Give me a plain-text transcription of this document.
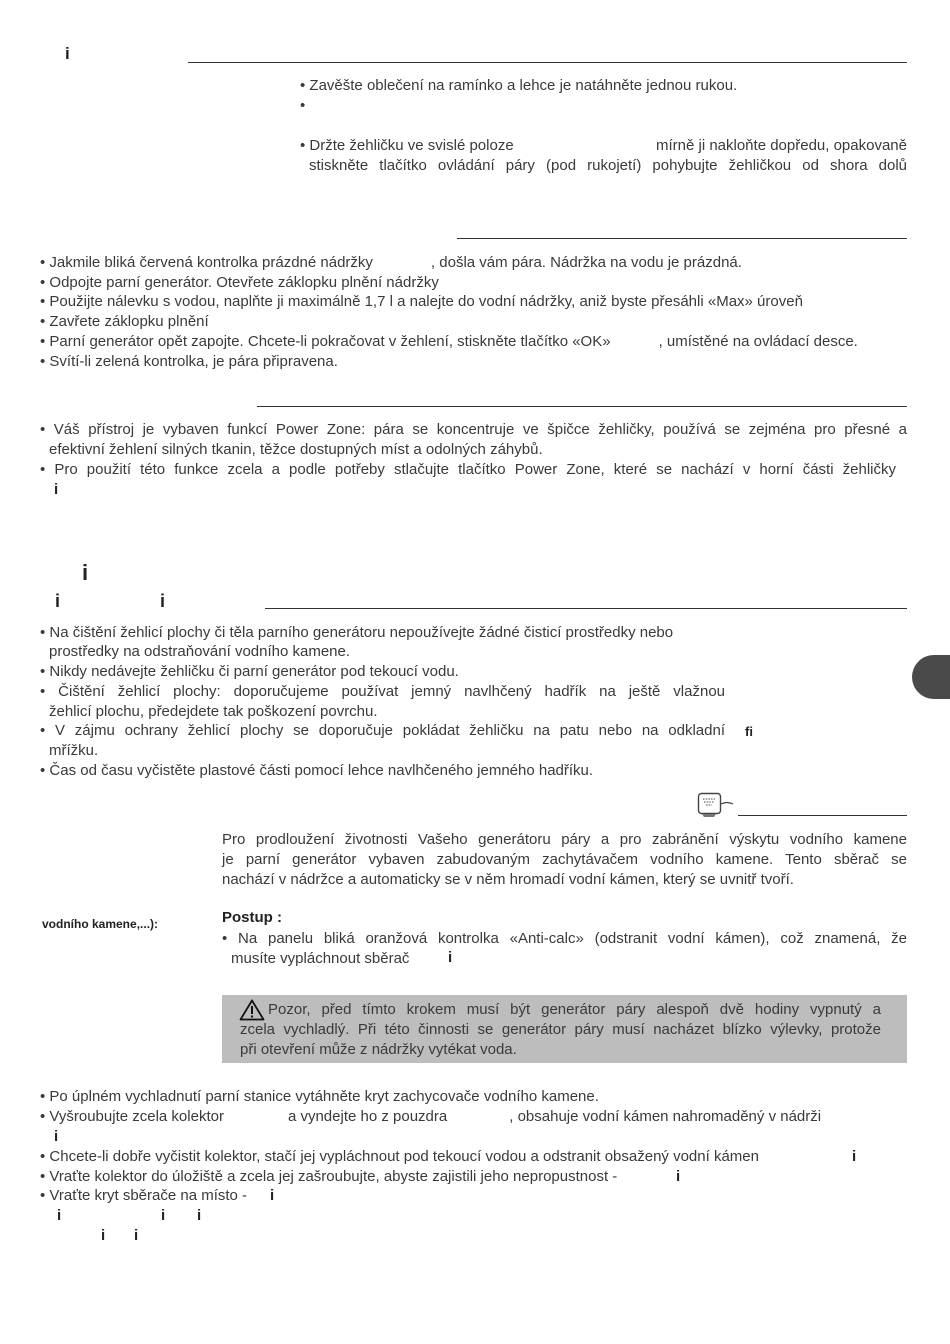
i
• Zavěšte oblečení na ramínko a lehce je natáhněte jednou rukou.
•
• Držte žehličku ve svislé poloze	mírně ji nakloňte dopředu, opakovaně
stiskněte tlačítko ovládání páry (pod rukojetí) pohybujte žehličkou od shora dolů
• Jakmile bliká červená kontrolka prázdné nádržky	, došla vám pára. Nádržka na vodu je prázdná.
• Odpojte parní generátor. Otevřete záklopku plnění nádržky
• Použijte nálevku s vodou, naplňte ji maximálně 1,7 l a nalejte do vodní nádržky, aniž byste přesáhli «Max» úroveň
• Zavřete záklopku plnění
• Parní generátor opět zapojte. Chcete-li pokračovat v žehlení, stiskněte tlačítko «OK»	, umístěné na ovládací desce.
• Svítí-li zelená kontrolka, je pára připravena.
• Váš přístroj je vybaven funkcí Power Zone: pára se koncentruje ve špičce žehličky, používá se zejména pro přesné a
efektivní žehlení silných tkanin, těžce dostupných míst a odolných záhybů.
• Pro použití této funkce zcela a podle potřeby stlačujte tlačítko Power Zone, které se nachází v horní části žehličky
i
i
i	i
• Na čištění žehlicí plochy či těla parního generátoru nepoužívejte žádné čisticí prostředky nebo
prostředky na odstraňování vodního kamene.
• Nikdy nedávejte žehličku či parní generátor pod tekoucí vodu.
• Čištění žehlicí plochy: doporučujeme používat jemný navlhčený hadřík na ještě vlažnou
žehlicí plochu, předejdete tak poškození povrchu.
• V zájmu ochrany žehlicí plochy se doporučuje pokládat žehličku na patu nebo na odkladní fi
mřížku.
• Čas od času vyčistěte plastové části pomocí lehce navlhčeného jemného hadříku.
Pro prodloužení životnosti Vašeho generátoru páry a pro zabránění výskytu vodního kamene
je parní generátor vybaven zabudovaným zachytávačem vodního kamene. Tento sběrač se
nachází v nádržce a automaticky se v něm hromadí vodní kámen, který se uvnitř tvoří.
vodního kamene,...):	Postup :
• Na panelu bliká oranžová kontrolka «Anti-calc» (odstranit vodní kámen), což znamená, že
musíte vypláchnout sběrač	i
Pozor, před tímto krokem musí být generátor páry alespoň dvě hodiny vypnutý a
zcela vychladlý. Při této činnosti se generátor páry musí nacházet blízko výlevky, protože
při otevření může z nádržky vytékat voda.
• Po úplném vychladnutí parní stanice vytáhněte kryt zachycovače vodního kamene.
• Vyšroubujte zcela kolektor	a vyndejte ho z pouzdra	, obsahuje vodní kámen nahromaděný v nádrži
i
• Chcete-li dobře vyčistit kolektor, stačí jej vypláchnout pod tekoucí vodou a odstranit obsažený vodní kámen	i
• Vraťte kolektor do úložiště a zcela jej zašroubujte, abyste zajistili jeho nepropustnost -	i
• Vraťte kryt sběrače na místo - i
i	i i
i i
